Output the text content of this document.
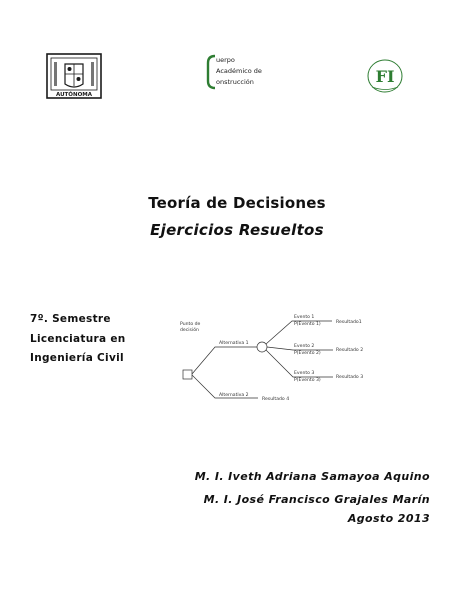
AUTÓNOMA
uerpo
Académico de
onstrucción	FI
Teoría de Decisiones
Ejercicios Resueltos
7º. Semestre
Licenciatura en
Ingeniería Civil
Punto de
decisión
Alternativa 1
Alternativa 2
Evento 1
P(Evento 1)
Evento 2
P(Evento 2)
Evento 3
P(Evento 3)
Resultado1
Resultado 2
Resultado 3
Resultado 4
M. I. Iveth Adriana Samayoa Aquino
M. I. José Francisco Grajales Marín
Agosto 2013
